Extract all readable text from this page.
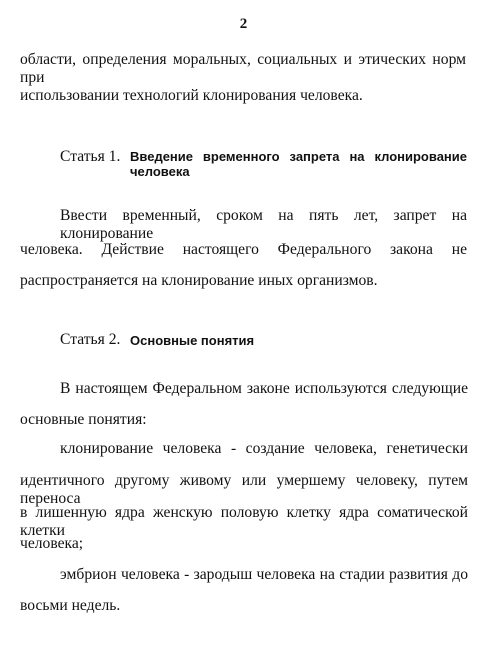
2
области, определения моральных, социальных и этических норм при
использовании технологий клонирования человека.
Статья 1. Введение временного запрета на клонирование
человека
Ввести временный, сроком на пять лет, запрет на клонирование
человека. Действие настоящего Федерального закона не
распространяется на клонирование иных организмов.
Статья 2. Основные понятия
В настоящем Федеральном законе используются следующие
основные понятия:
клонирование человека - создание человека, генетически
идентичного другому живому или умершему человеку, путем переноса
в лишенную ядра женскую половую клетку ядра соматической клетки
человека;
эмбрион человека - зародыш человека на стадии развития до
восьми недель.
